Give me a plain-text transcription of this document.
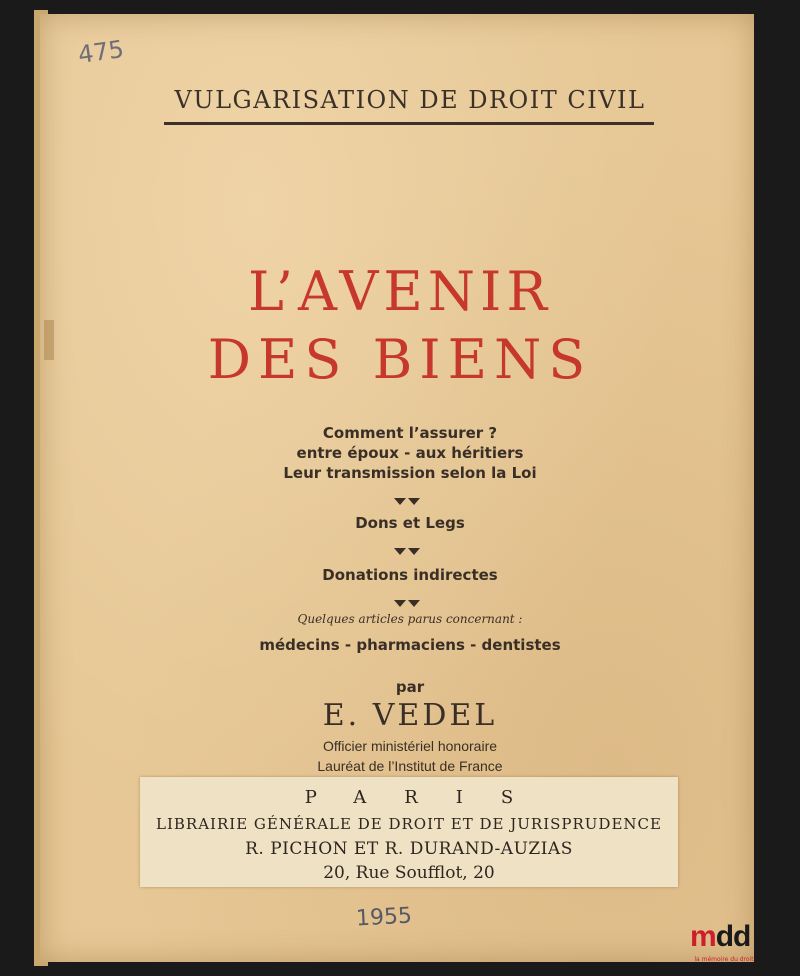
475
VULGARISATION DE DROIT CIVIL
L’AVENIR
DES BIENS
Comment l’assurer ?
entre époux - aux héritiers
Leur transmission selon la Loi
Dons et Legs
Donations indirectes
Quelques articles parus concernant :
médecins - pharmaciens - dentistes
par
E. VEDEL
Officier ministériel honoraire
Lauréat de l’Institut de France
PARIS
LIBRAIRIE GÉNÉRALE DE DROIT ET DE JURISPRUDENCE
R. PICHON ET R. DURAND-AUZIAS
20, Rue Soufflot, 20
1955
mdd
la mémoire du droit
